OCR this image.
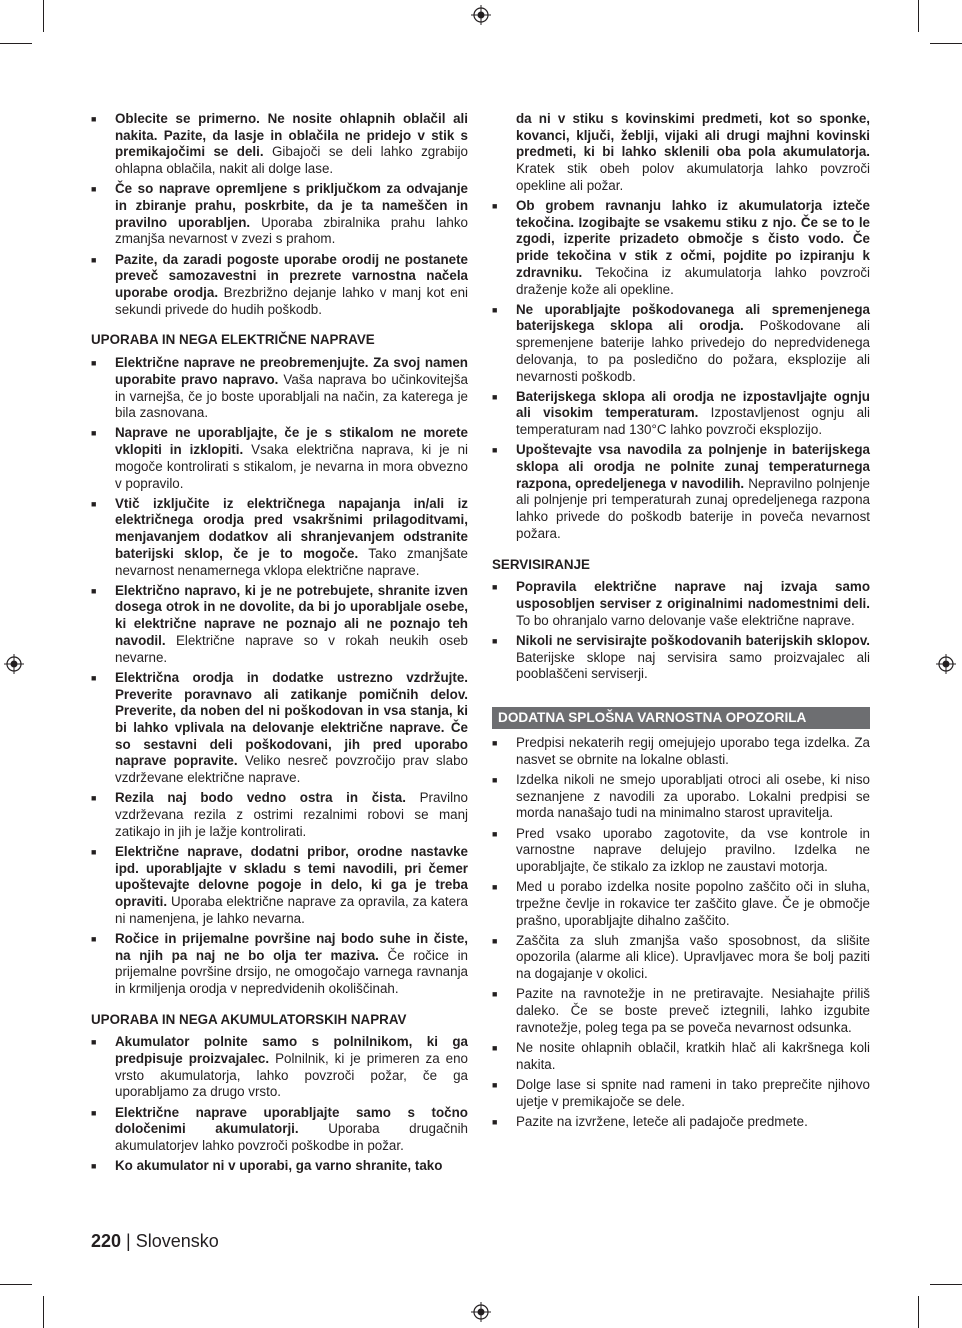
■ Oblecite se primerno. Ne nosite ohlapnih oblačil ali nakita. Pazite, da lasje in oblačila ne pridejo v stik s premikajočimi se deli. Gibajoči se deli lahko zgrabijo ohlapna oblačila, nakit ali dolge lase.
■ Če so naprave opremljene s priključkom za odvajanje in zbiranje prahu, poskrbite, da je ta nameščen in pravilno uporabljen. Uporaba zbiralnika prahu lahko zmanjša nevarnost v zvezi s prahom.
■ Pazite, da zaradi pogoste uporabe orodij ne postanete preveč samozavestni in prezrete varnostna načela uporabe orodja. Brezbrižno dejanje lahko v manj kot eni sekundi privede do hudih poškodb.
UPORABA IN NEGA ELEKTRIČNE NAPRAVE
■ Električne naprave ne preobremenjujte. Za svoj namen uporabite pravo napravo. Vaša naprava bo učinkovitejša in varnejša, če jo boste uporabljali na način, za katerega je bila zasnovana.
■ Naprave ne uporabljajte, če je s stikalom ne morete vklopiti in izklopiti. Vsaka električna naprava, ki je ni mogoče kontrolirati s stikalom, je nevarna in mora obvezno v popravilo.
■ Vtič izključite iz električnega napajanja in/ali iz električnega orodja pred vsakršnimi prilagoditvami, menjavanjem dodatkov ali shranjevanjem odstranite baterijski sklop, če je to mogoče. Tako zmanjšate nevarnost nenamernega vklopa električne naprave.
■ Električno napravo, ki je ne potrebujete, shranite izven dosega otrok in ne dovolite, da bi jo uporabljale osebe, ki električne naprave ne poznajo ali ne poznajo teh navodil. Električne naprave so v rokah neukih oseb nevarne.
■ Električna orodja in dodatke ustrezno vzdržujte. Preverite poravnavo ali zatikanje pomičnih delov. Preverite, da noben del ni poškodovan in vsa stanja, ki bi lahko vplivala na delovanje električne naprave. Če so sestavni deli poškodovani, jih pred uporabo naprave popravite. Veliko nesreč povzročijo prav slabo vzdrževane električne naprave.
■ Rezila naj bodo vedno ostra in čista. Pravilno vzdrževana rezila z ostrimi rezalnimi robovi se manj zatikajo in jih je lažje kontrolirati.
■ Električne naprave, dodatni pribor, orodne nastavke ipd. uporabljajte v skladu s temi navodili, pri čemer upoštevajte delovne pogoje in delo, ki ga je treba opraviti. Uporaba električne naprave za opravila, za katera ni namenjena, je lahko nevarna.
■ Ročice in prijemalne površine naj bodo suhe in čiste, na njih pa naj ne bo olja ter maziva. Če ročice in prijemalne površine drsijo, ne omogočajo varnega ravnanja in krmiljenja orodja v nepredvidenih okoliščinah.
UPORABA IN NEGA AKUMULATORSKIH NAPRAV
■ Akumulator polnite samo s polnilnikom, ki ga predpisuje proizvajalec. Polnilnik, ki je primeren za eno vrsto akumulatorja, lahko povzroči požar, če ga uporabljamo za drugo vrsto.
■ Električne naprave uporabljajte samo s točno določenimi akumulatorji. Uporaba drugačnih akumulatorjev lahko povzroči poškodbe in požar.
■ Ko akumulator ni v uporabi, ga varno shranite, tako
da ni v stiku s kovinskimi predmeti, kot so sponke, kovanci, ključi, žeblji, vijaki ali drugi majhni kovinski predmeti, ki bi lahko sklenili oba pola akumulatorja. Kratek stik obeh polov akumulatorja lahko povzroči opekline ali požar.
■ Ob grobem ravnanju lahko iz akumulatorja izteče tekočina. Izogibajte se vsakemu stiku z njo. Če se to le zgodi, izperite prizadeto območje s čisto vodo. Če pride tekočina v stik z očmi, pojdite po izpiranju k zdravniku. Tekočina iz akumulatorja lahko povzroči draženje kože ali opekline.
■ Ne uporabljajte poškodovanega ali spremenjenega baterijskega sklopa ali orodja. Poškodovane ali spremenjene baterije lahko privedejo do nepredvidenega delovanja, to pa posledično do požara, eksplozije ali nevarnosti poškodb.
■ Baterijskega sklopa ali orodja ne izpostavljajte ognju ali visokim temperaturam. Izpostavljenost ognju ali temperaturam nad 130°C lahko povzroči eksplozijo.
■ Upoštevajte vsa navodila za polnjenje in baterijskega sklopa ali orodja ne polnite zunaj temperaturnega razpona, opredeljenega v navodilih. Nepravilno polnjenje ali polnjenje pri temperaturah zunaj opredeljenega razpona lahko privede do poškodb baterije in poveča nevarnost požara.
SERVISIRANJE
■ Popravila električne naprave naj izvaja samo usposobljen serviser z originalnimi nadomestnimi deli. To bo ohranjalo varno delovanje vaše električne naprave.
■ Nikoli ne servisirajte poškodovanih baterijskih sklopov. Baterijske sklope naj servisira samo proizvajalec ali pooblaščeni serviserji.
DODATNA SPLOŠNA VARNOSTNA OPOZORILA
■ Predpisi nekaterih regij omejujejo uporabo tega izdelka. Za nasvet se obrnite na lokalne oblasti.
■ Izdelka nikoli ne smejo uporabljati otroci ali osebe, ki niso seznanjene z navodili za uporabo. Lokalni predpisi se morda nanašajo tudi na minimalno starost upravitelja.
■ Pred vsako uporabo zagotovite, da vse kontrole in varnostne naprave delujejo pravilno. Izdelka ne uporabljajte, če stikalo za izklop ne zaustavi motorja.
■ Med u porabo izdelka nosite popolno zaščito oči in sluha, trpežne čevlje in rokavice ter zaščito glave. Če je območje prašno, uporabljajte dihalno zaščito.
■ Zaščita za sluh zmanjša vašo sposobnost, da slišite opozorila (alarme ali klice). Upravljavec mora še bolj paziti na dogajanje v okolici.
■ Pazite na ravnotežje in ne pretiravajte. Nesiahajte pṙiliš daleko. Če se boste preveč iztegnili, lahko izgubite ravnotežje, poleg tega pa se poveča nevarnost odsunka.
■ Ne nosite ohlapnih oblačil, kratkih hlač ali kakršnega koli nakita.
■ Dolge lase si spnite nad rameni in tako preprečite njihovo ujetje v premikajoče se dele.
■ Pazite na izvržene, leteče ali padajoče predmete.
220 | Slovensko
